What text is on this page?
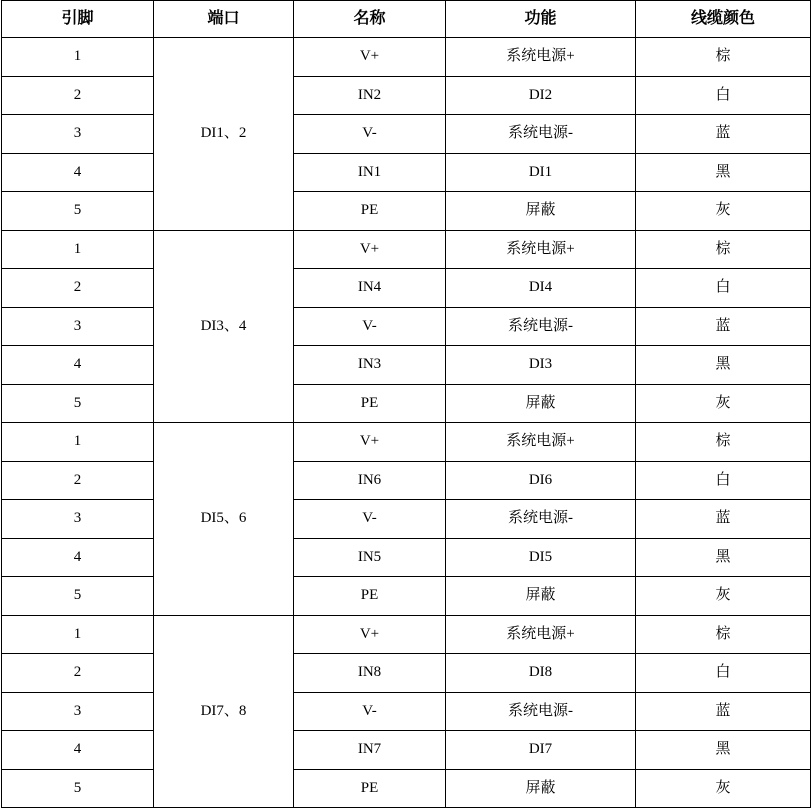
引脚	端口	名称	功能	线缆颜色
1	DI1、2	V+	系统电源+	棕
2		IN2	DI2	白
3		V-	系统电源-	蓝
4		IN1	DI1	黑
5		PE	屏蔽	灰
1	DI3、4	V+	系统电源+	棕
2		IN4	DI4	白
3		V-	系统电源-	蓝
4		IN3	DI3	黑
5		PE	屏蔽	灰
1	DI5、6	V+	系统电源+	棕
2		IN6	DI6	白
3		V-	系统电源-	蓝
4		IN5	DI5	黑
5		PE	屏蔽	灰
1	DI7、8	V+	系统电源+	棕
2		IN8	DI8	白
3		V-	系统电源-	蓝
4		IN7	DI7	黑
5		PE	屏蔽	灰
